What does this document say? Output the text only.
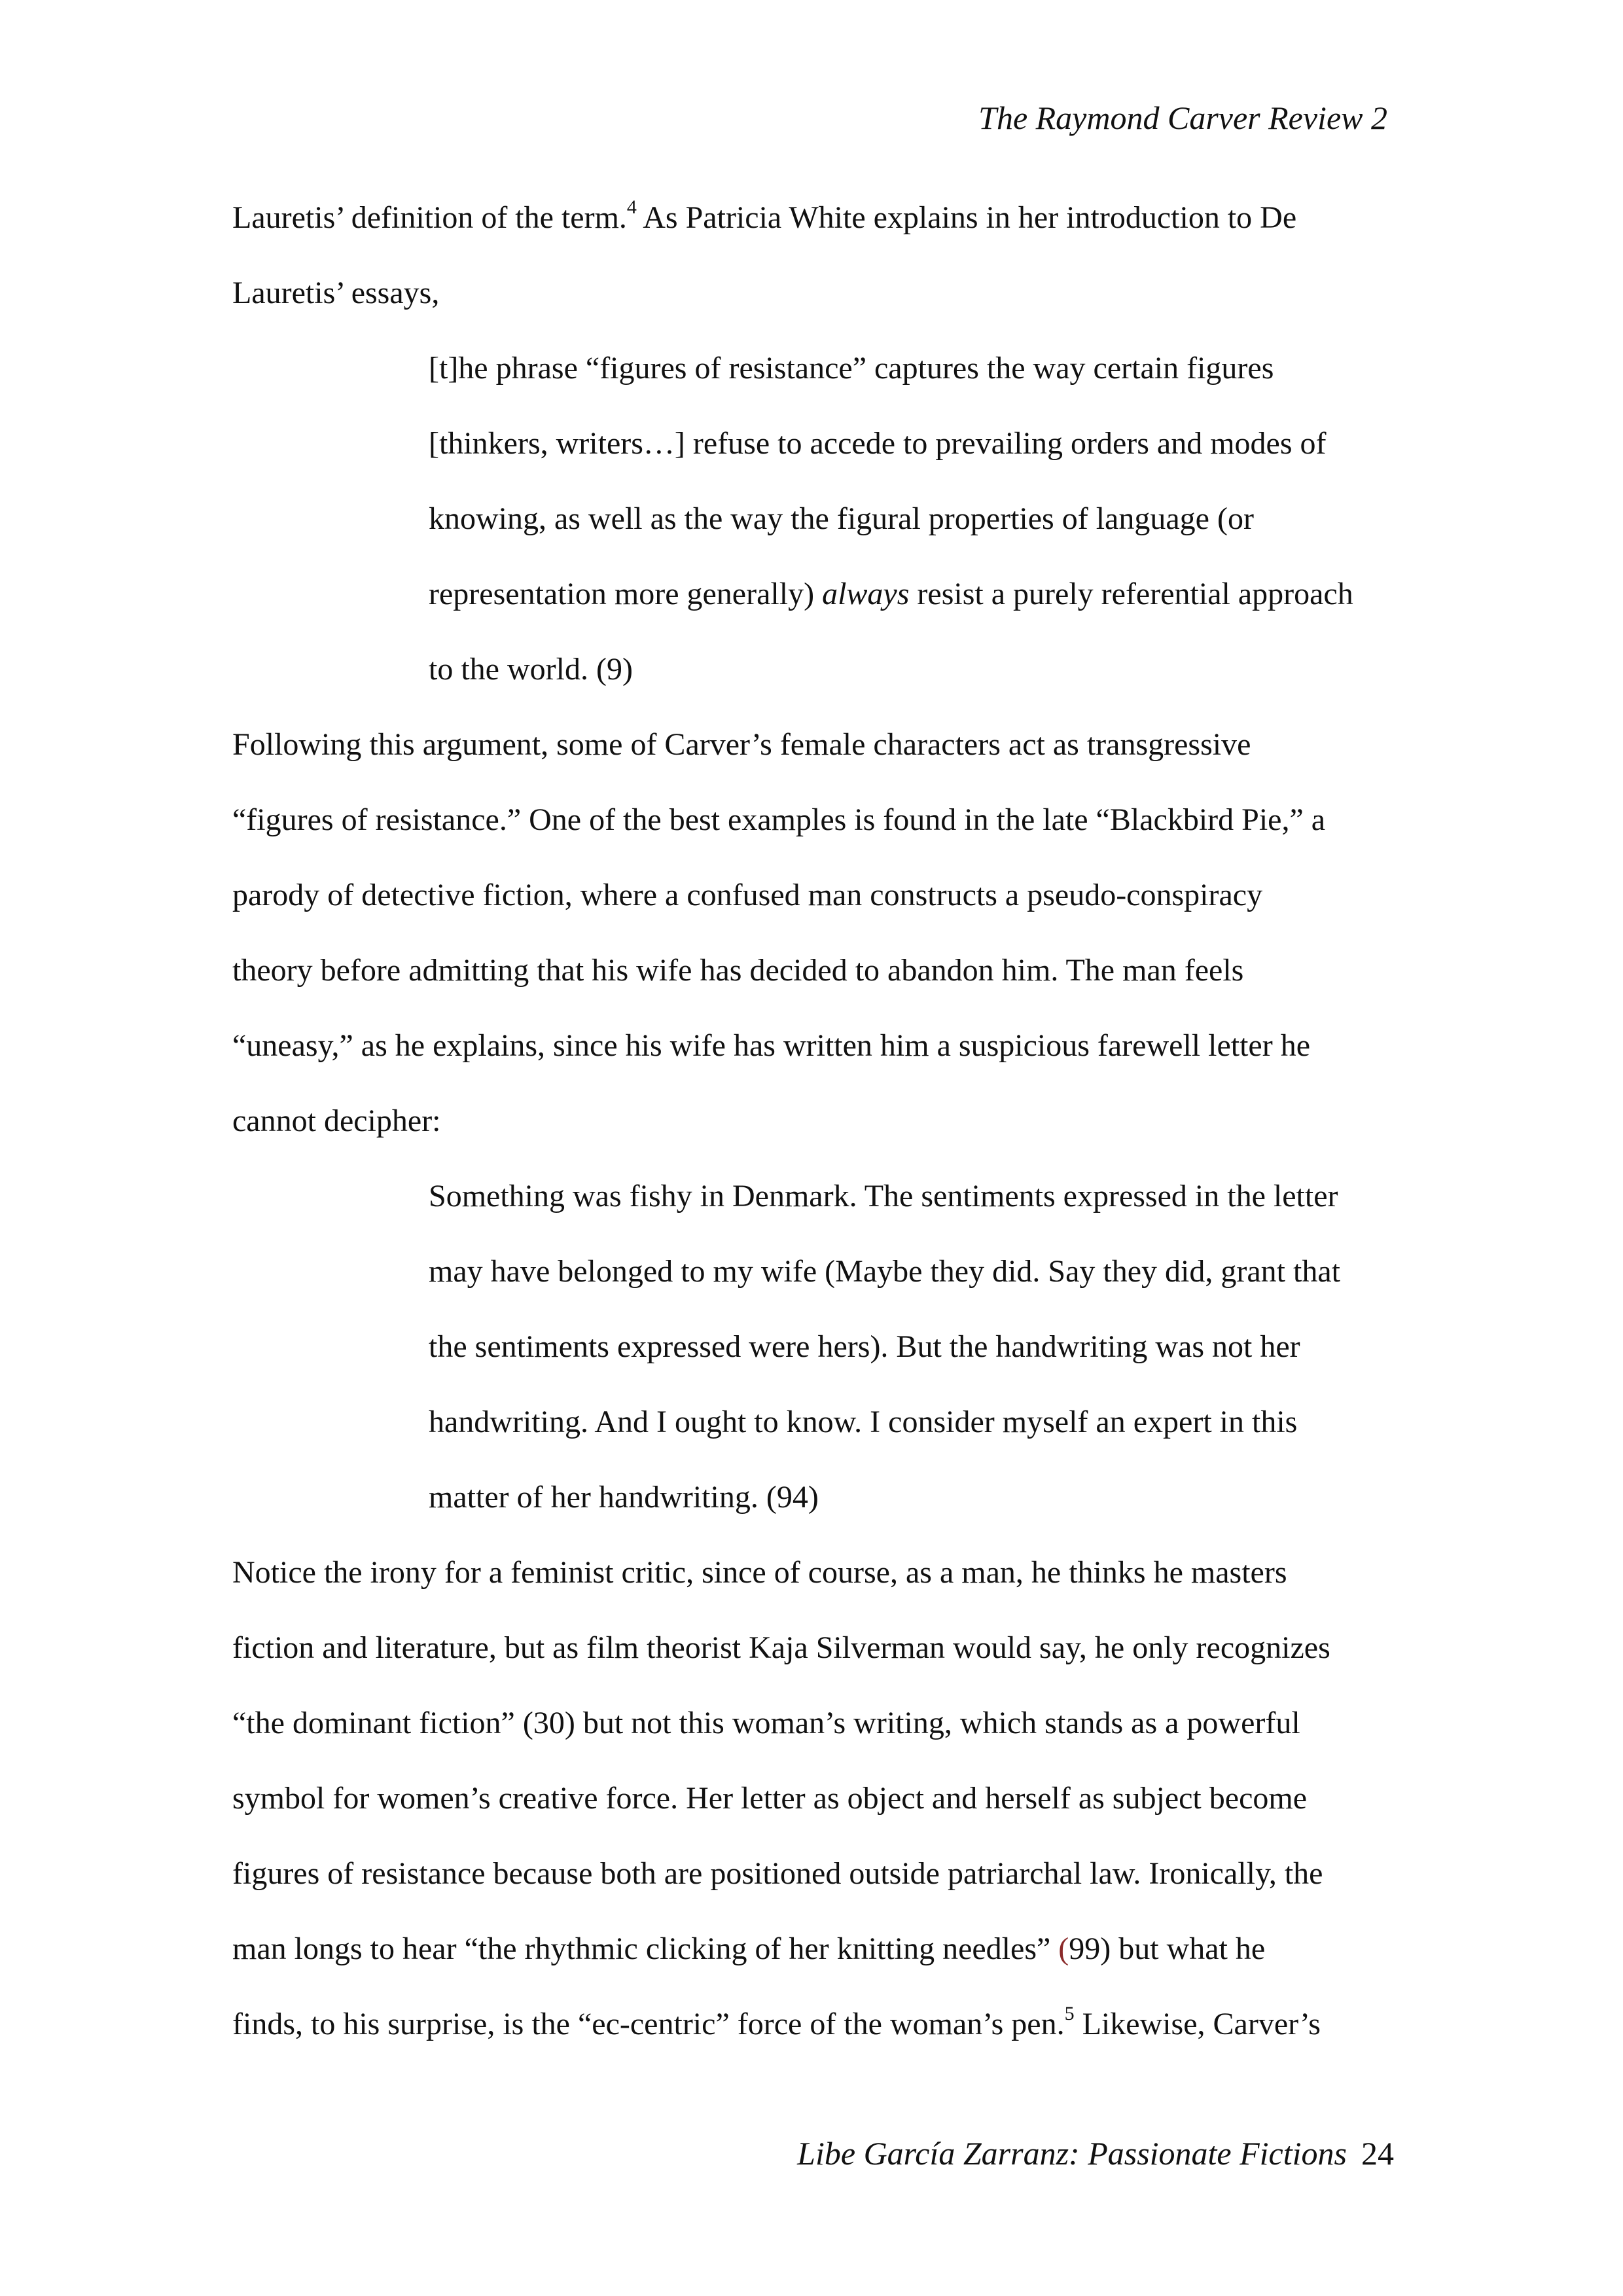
The Raymond Carver Review 2
Lauretis’ definition of the term.$^4$ As Patricia White explains in her introduction to De
Lauretis’ essays,
[t]he phrase “figures of resistance” captures the way certain figures
[thinkers, writers…] refuse to accede to prevailing orders and modes of
knowing, as well as the way the figural properties of language (or
representation more generally) always resist a purely referential approach
to the world. (9)
Following this argument, some of Carver’s female characters act as transgressive
“figures of resistance.” One of the best examples is found in the late “Blackbird Pie,” a
parody of detective fiction, where a confused man constructs a pseudo-conspiracy
theory before admitting that his wife has decided to abandon him. The man feels
“uneasy,” as he explains, since his wife has written him a suspicious farewell letter he
cannot decipher:
Something was fishy in Denmark. The sentiments expressed in the letter
may have belonged to my wife (Maybe they did. Say they did, grant that
the sentiments expressed were hers). But the handwriting was not her
handwriting. And I ought to know. I consider myself an expert in this
matter of her handwriting. (94)
Notice the irony for a feminist critic, since of course, as a man, he thinks he masters
fiction and literature, but as film theorist Kaja Silverman would say, he only recognizes
“the dominant fiction” (30) but not this woman’s writing, which stands as a powerful
symbol for women’s creative force. Her letter as object and herself as subject become
figures of resistance because both are positioned outside patriarchal law. Ironically, the
man longs to hear “the rhythmic clicking of her knitting needles” (99) but what he
finds, to his surprise, is the “ec-centric” force of the woman’s pen.$^5$ Likewise, Carver’s
Libe García Zarranz: Passionate Fictions 24
